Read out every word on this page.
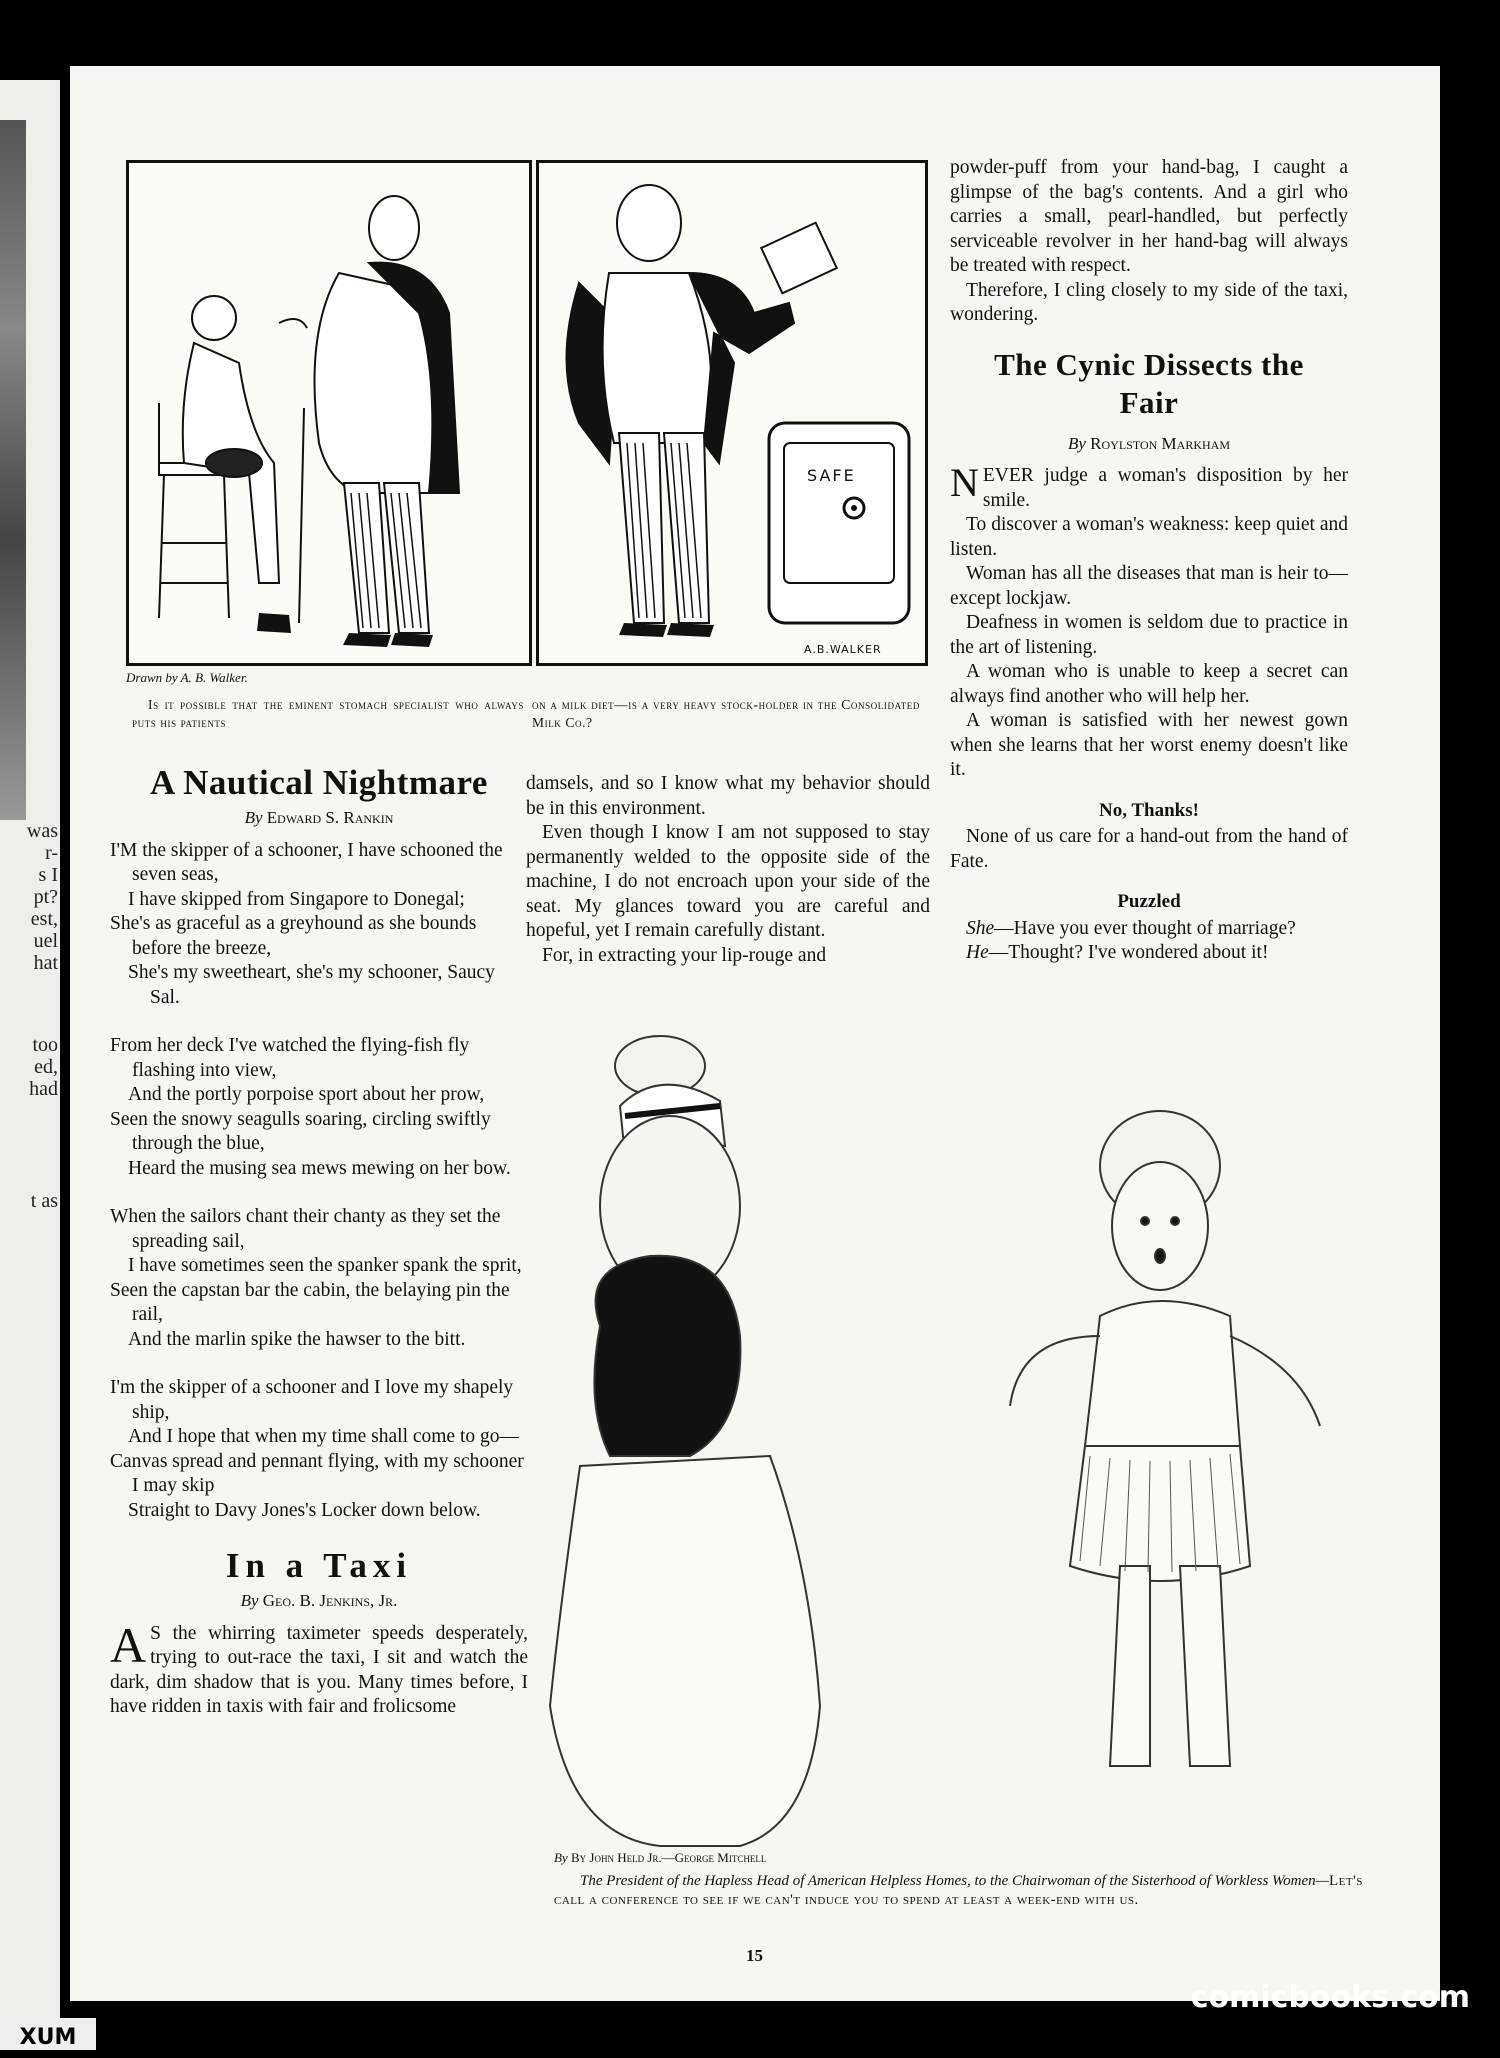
was
r-
s I
pt?
est,
uel
hat
too
ed,
had
t as
SAFE
A.B.WALKER
Drawn by A. B. Walker.
Is it possible that the eminent stomach specialist who always puts his patients
on a milk diet—is a very heavy stock-holder in the Consolidated Milk Co.?
A Nautical Nightmare
By Edward S. Rankin

I'M the skipper of a schooner, I have schooned the seven seas,

I have skipped from Singapore to Donegal;

She's as graceful as a greyhound as she bounds before the breeze,

She's my sweetheart, she's my schooner, Saucy Sal.

From her deck I've watched the flying-fish fly flashing into view,

And the portly porpoise sport about her prow,

Seen the snowy seagulls soaring, circling swiftly through the blue,

Heard the musing sea mews mewing on her bow.

When the sailors chant their chanty as they set the spreading sail,

I have sometimes seen the spanker spank the sprit,

Seen the capstan bar the cabin, the belaying pin the rail,

And the marlin spike the hawser to the bitt.

I'm the skipper of a schooner and I love my shapely ship,

And I hope that when my time shall come to go—

Canvas spread and pennant flying, with my schooner I may skip

Straight to Davy Jones's Locker down below.

In a Taxi
By Geo. B. Jenkins, Jr.

A S the whirring taximeter speeds desperately, trying to out-race the taxi, I sit and watch the dark, dim shadow that is you. Many times before, I have ridden in taxis with fair and frolicsome

damsels, and so I know what my behavior should be in this environment.

Even though I know I am not supposed to stay permanently welded to the opposite side of the machine, I do not encroach upon your side of the seat. My glances toward you are careful and hopeful, yet I remain carefully distant.

For, in extracting your lip-rouge and

powder-puff from your hand-bag, I caught a glimpse of the bag's contents. And a girl who carries a small, pearl-handled, but perfectly serviceable revolver in her hand-bag will always be treated with respect.

Therefore, I cling closely to my side of the taxi, wondering.

The Cynic Dissects the Fair
By Roylston Markham

NEVER judge a woman's disposition by her smile.

To discover a woman's weakness: keep quiet and listen.

Woman has all the diseases that man is heir to—except lockjaw.

Deafness in women is seldom due to practice in the art of listening.

A woman who is unable to keep a secret can always find another who will help her.

A woman is satisfied with her newest gown when she learns that her worst enemy doesn't like it.

No, Thanks!

None of us care for a hand-out from the hand of Fate.

Puzzled

She—Have you ever thought of marriage?

He—Thought? I've wondered about it!

By By John Held Jr.—George Mitchell
The President of the Hapless Head of American Helpless Homes, to the Chairwoman of the Sisterhood of Workless Women—Let's call a conference to see if we can't induce you to spend at least a week-end with us.
15
comicbooks.com
XUM
